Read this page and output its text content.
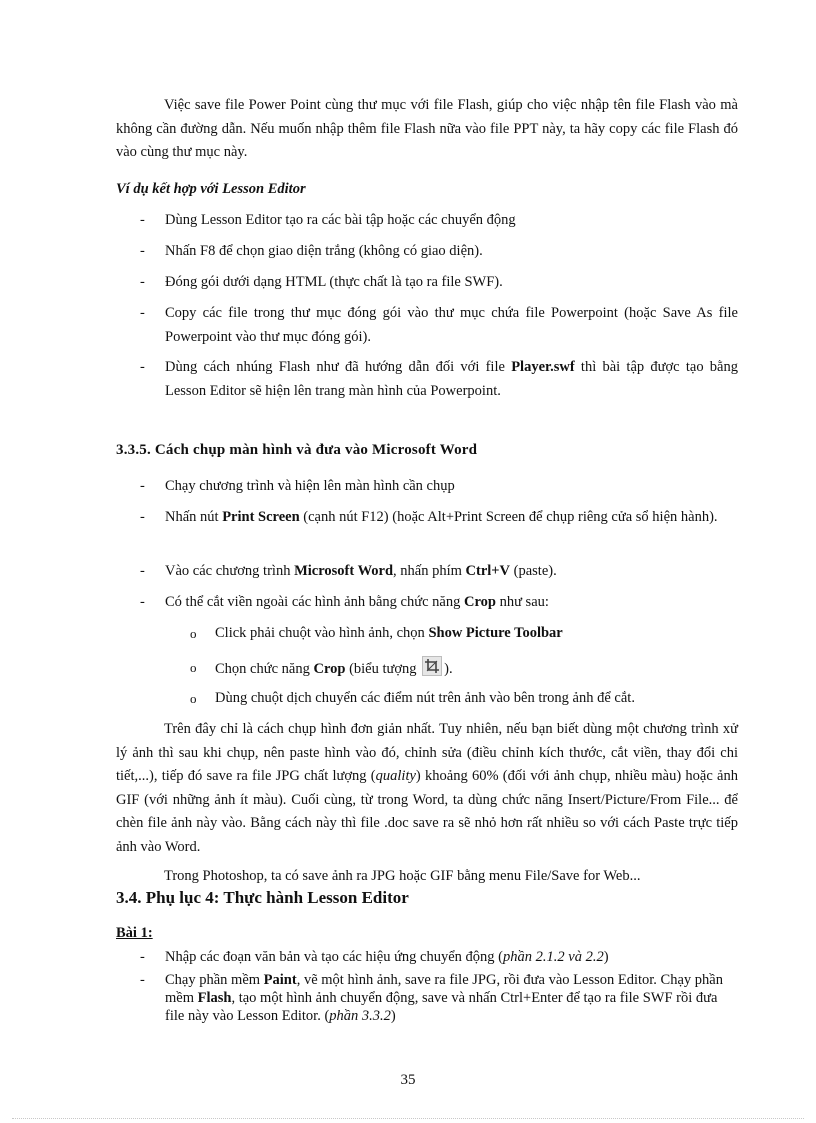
Việc save file Power Point cùng thư mục với file Flash, giúp cho việc nhập tên file Flash vào mà không cần đường dẫn. Nếu muốn nhập thêm file Flash nữa vào file PPT này, ta hãy copy các file Flash đó vào cùng thư mục này.
Ví dụ kết hợp với Lesson Editor
-	Dùng Lesson Editor tạo ra các bài tập hoặc các chuyển động
-	Nhấn F8 để chọn giao diện trắng (không có giao diện).
-	Đóng gói dưới dạng HTML (thực chất là tạo ra file SWF).
-	Copy các file trong thư mục đóng gói vào thư mục chứa file Powerpoint (hoặc Save As file Powerpoint vào thư mục đóng gói).
-	Dùng cách nhúng Flash như đã hướng dẫn đối với file Player.swf thì bài tập được tạo bằng Lesson Editor sẽ hiện lên trang màn hình của Powerpoint.
3.3.5. Cách chụp màn hình và đưa vào Microsoft Word
-	Chạy chương trình và hiện lên màn hình cần chụp
-	Nhấn nút Print Screen (cạnh nút F12) (hoặc Alt+Print Screen để chụp riêng cửa sổ hiện hành).
-	Vào các chương trình Microsoft Word, nhấn phím Ctrl+V (paste).
-	Có thể cắt viền ngoài các hình ảnh bằng chức năng Crop như sau:
o Click phải chuột vào hình ảnh, chọn Show Picture Toolbar
o Chọn chức năng Crop (biểu tượng
).
o Dùng chuột dịch chuyển các điểm nút trên ảnh vào bên trong ảnh để cắt.
Trên đây chỉ là cách chụp hình đơn giản nhất. Tuy nhiên, nếu bạn biết dùng một chương trình xử lý ảnh thì sau khi chụp, nên paste hình vào đó, chỉnh sửa (điều chỉnh kích thước, cắt viền, thay đổi chi tiết,...), tiếp đó save ra file JPG chất lượng (quality) khoảng 60% (đối với ảnh chụp, nhiều màu) hoặc ảnh GIF (với những ảnh ít màu). Cuối cùng, từ trong Word, ta dùng chức năng Insert/Picture/From File... để chèn file ảnh này vào. Bằng cách này thì file .doc save ra sẽ nhỏ hơn rất nhiều so với cách Paste trực tiếp ảnh vào Word.
Trong Photoshop, ta có save ảnh ra JPG hoặc GIF bằng menu File/Save for Web...
3.4. Phụ lục 4: Thực hành Lesson Editor
Bài 1:
-	Nhập các đoạn văn bản và tạo các hiệu ứng chuyển động (phần 2.1.2 và 2.2)
-	Chạy phần mềm Paint, vẽ một hình ảnh, save ra file JPG, rồi đưa vào Lesson Editor. Chạy phần mềm Flash, tạo một hình ảnh chuyển động, save và nhấn Ctrl+Enter để tạo ra file SWF rồi đưa file này vào Lesson Editor. (phần 3.3.2)
35
